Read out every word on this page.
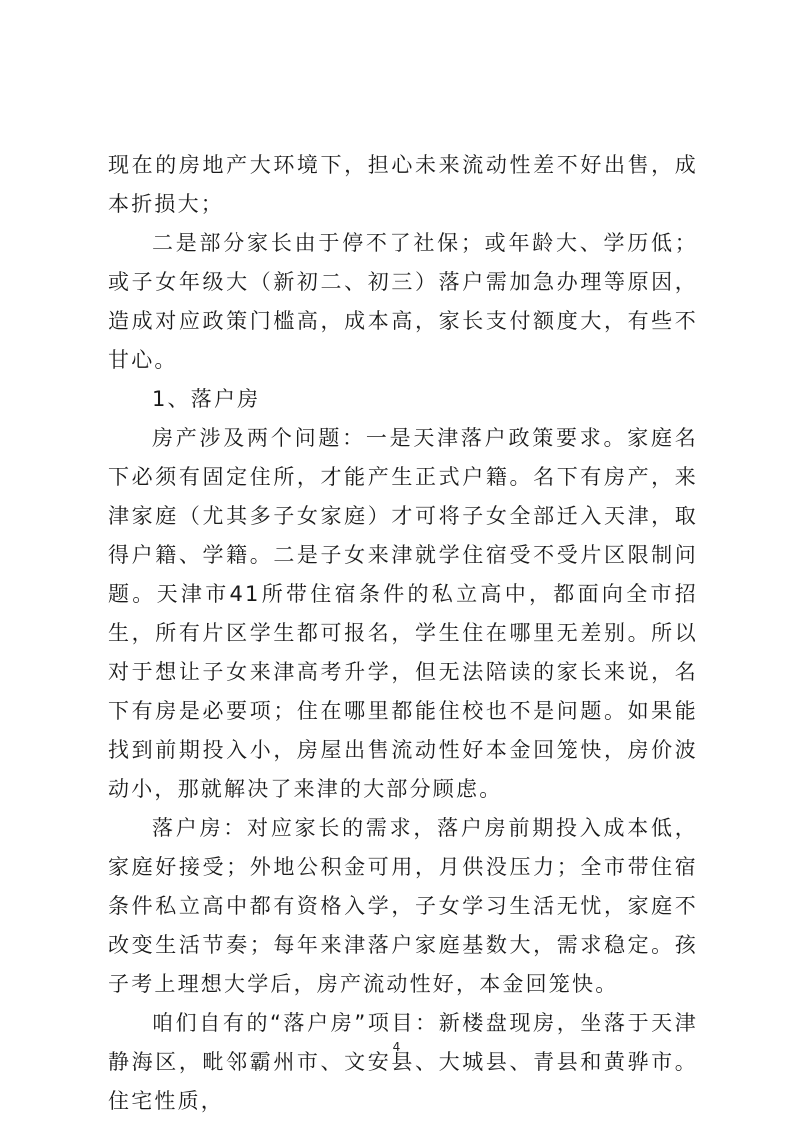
现在的房地产大环境下，担心未来流动性差不好出售，成本折损大；

二是部分家长由于停不了社保；或年龄大、学历低；或子女年级大（新初二、初三）落户需加急办理等原因，造成对应政策门槛高，成本高，家长支付额度大，有些不甘心。

1、落户房

房产涉及两个问题：一是天津落户政策要求。家庭名下必须有固定住所，才能产生正式户籍。名下有房产，来津家庭（尤其多子女家庭）才可将子女全部迁入天津，取得户籍、学籍。二是子女来津就学住宿受不受片区限制问题。天津市41所带住宿条件的私立高中，都面向全市招生，所有片区学生都可报名，学生住在哪里无差别。所以对于想让子女来津高考升学，但无法陪读的家长来说，名下有房是必要项；住在哪里都能住校也不是问题。如果能找到前期投入小，房屋出售流动性好本金回笼快，房价波动小，那就解决了来津的大部分顾虑。

落户房：对应家长的需求，落户房前期投入成本低，家庭好接受；外地公积金可用，月供没压力；全市带住宿条件私立高中都有资格入学，子女学习生活无忧，家庭不改变生活节奏；每年来津落户家庭基数大，需求稳定。孩子考上理想大学后，房产流动性好，本金回笼快。

咱们自有的“落户房”项目：新楼盘现房，坐落于天津静海区，毗邻霸州市、文安县、大城县、青县和黄骅市。住宅性质，

4
